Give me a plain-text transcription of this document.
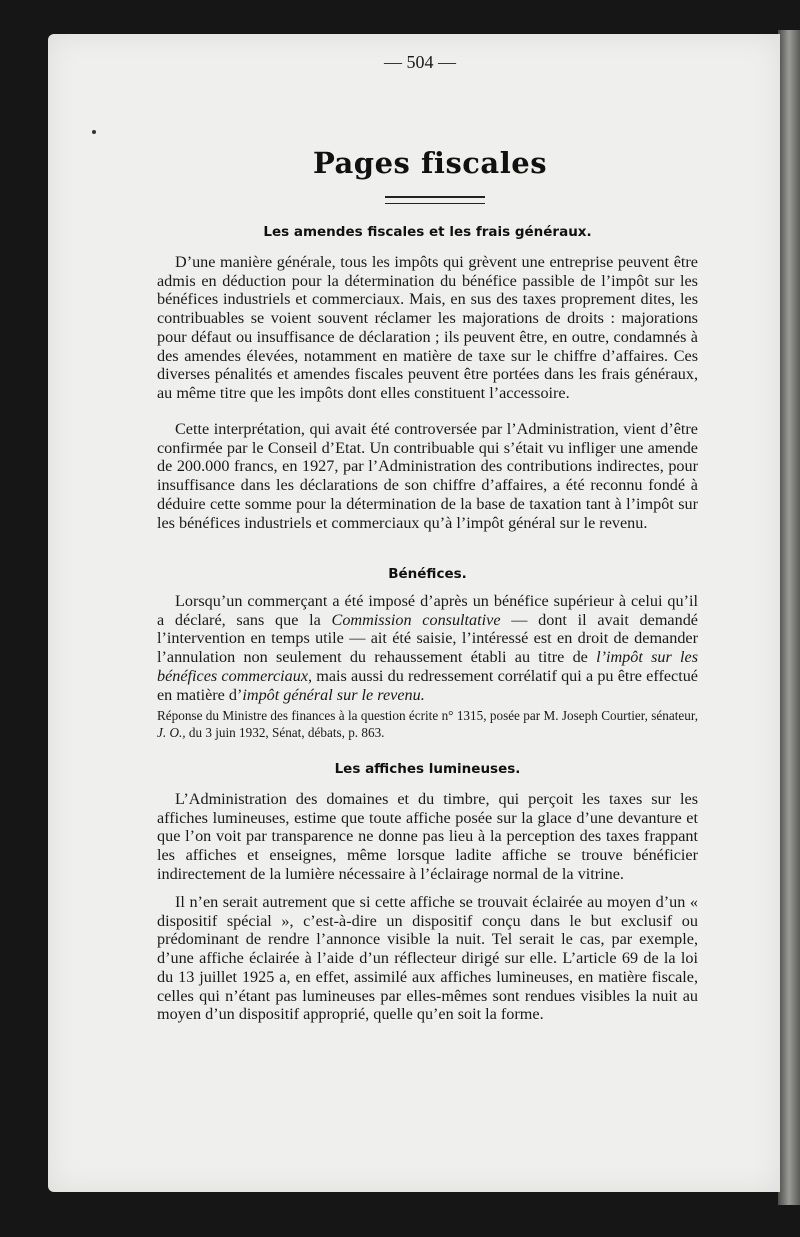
— 504 —
Pages fiscales
Les amendes fiscales et les frais généraux.

D’une manière générale, tous les impôts qui grèvent une entreprise peuvent être admis en déduction pour la détermination du bénéfice passible de l’impôt sur les bénéfices industriels et commerciaux. Mais, en sus des taxes proprement dites, les contribuables se voient souvent réclamer les majorations de droits : majorations pour défaut ou insuffisance de déclaration ; ils peuvent être, en outre, condamnés à des amendes élevées, notamment en matière de taxe sur le chiffre d’affaires. Ces diverses pénalités et amendes fiscales peuvent être portées dans les frais généraux, au même titre que les impôts dont elles constituent l’accessoire.

Cette interprétation, qui avait été controversée par l’Administration, vient d’être confirmée par le Conseil d’Etat. Un contribuable qui s’était vu infliger une amende de 200.000 francs, en 1927, par l’Administration des contributions indirectes, pour insuffisance dans les déclarations de son chiffre d’affaires, a été reconnu fondé à déduire cette somme pour la détermination de la base de taxation tant à l’impôt sur les bénéfices industriels et commerciaux qu’à l’impôt général sur le revenu.

Bénéfices.

Lorsqu’un commerçant a été imposé d’après un bénéfice supérieur à celui qu’il a déclaré, sans que la Commission consultative — dont il avait demandé l’intervention en temps utile — ait été saisie, l’intéressé est en droit de demander l’annulation non seulement du rehaussement établi au titre de l’impôt sur les bénéfices commerciaux, mais aussi du redressement corrélatif qui a pu être effectué en matière d’impôt général sur le revenu.

Réponse du Ministre des finances à la question écrite n° 1315, posée par M. Joseph Courtier, sénateur, J. O., du 3 juin 1932, Sénat, débats, p. 863.

Les affiches lumineuses.

L’Administration des domaines et du timbre, qui perçoit les taxes sur les affiches lumineuses, estime que toute affiche posée sur la glace d’une devanture et que l’on voit par transparence ne donne pas lieu à la perception des taxes frappant les affiches et enseignes, même lorsque ladite affiche se trouve bénéficier indirectement de la lumière nécessaire à l’éclairage normal de la vitrine.

Il n’en serait autrement que si cette affiche se trouvait éclairée au moyen d’un « dispositif spécial », c’est-à-dire un dispositif conçu dans le but exclusif ou prédominant de rendre l’annonce visible la nuit. Tel serait le cas, par exemple, d’une affiche éclairée à l’aide d’un réflecteur dirigé sur elle. L’article 69 de la loi du 13 juillet 1925 a, en effet, assimilé aux affiches lumineuses, en matière fiscale, celles qui n’étant pas lumineuses par elles-mêmes sont rendues visibles la nuit au moyen d’un dispositif approprié, quelle qu’en soit la forme.
